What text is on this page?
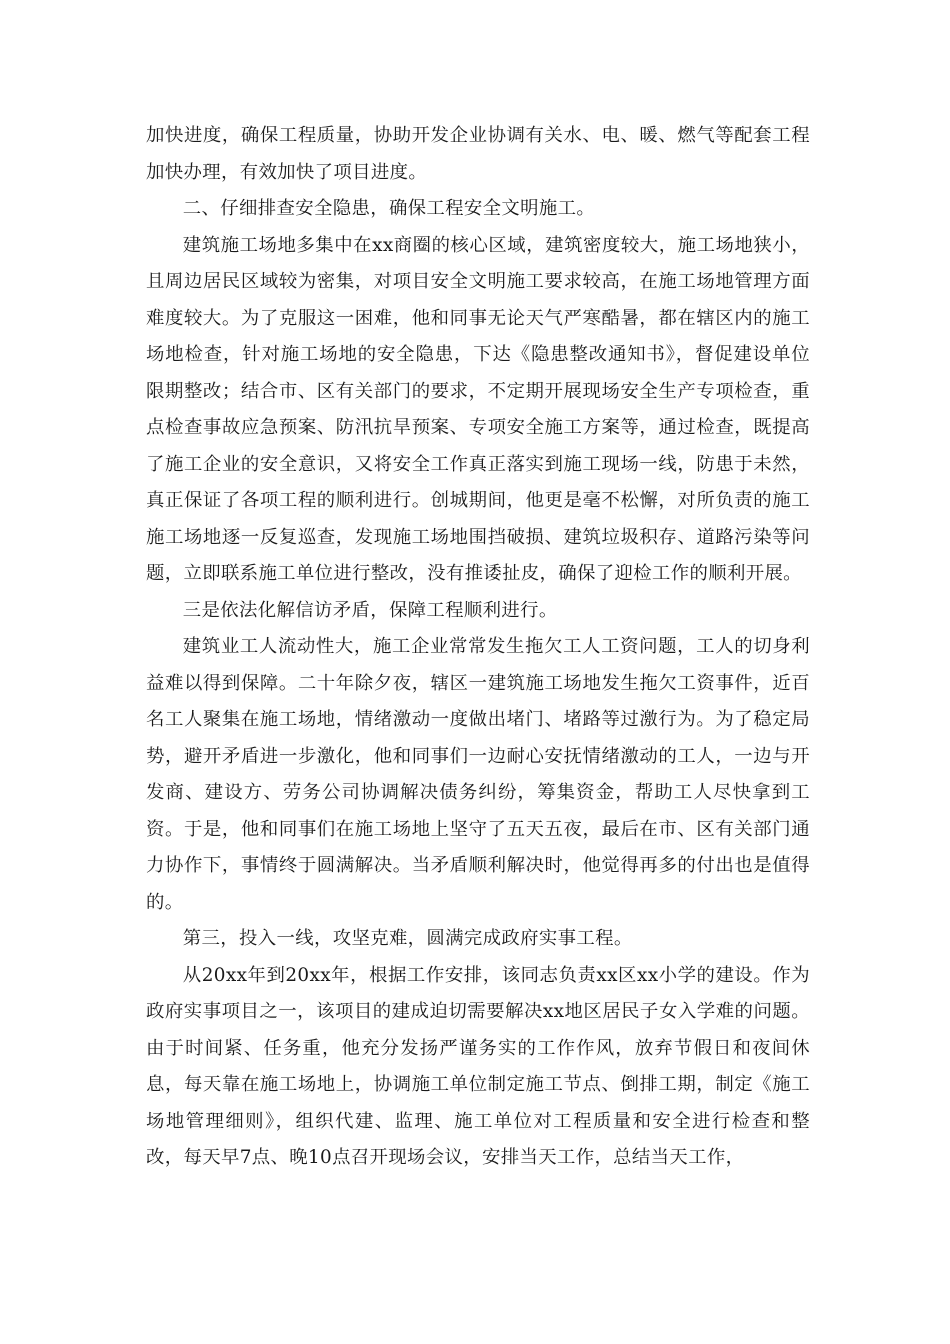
加快进度，确保工程质量，协助开发企业协调有关水、电、暖、燃气等配套工程加快办理，有效加快了项目进度。

二、仔细排查安全隐患，确保工程安全文明施工。

建筑施工场地多集中在xx商圈的核心区域，建筑密度较大，施工场地狭小，且周边居民区域较为密集，对项目安全文明施工要求较高，在施工场地管理方面难度较大。为了克服这一困难，他和同事无论天气严寒酷暑，都在辖区内的施工场地检查，针对施工场地的安全隐患，下达《隐患整改通知书》，督促建设单位限期整改；结合市、区有关部门的要求，不定期开展现场安全生产专项检查，重点检查事故应急预案、防汛抗旱预案、专项安全施工方案等，通过检查，既提高了施工企业的安全意识，又将安全工作真正落实到施工现场一线，防患于未然，真正保证了各项工程的顺利进行。创城期间，他更是毫不松懈，对所负责的施工施工场地逐一反复巡查，发现施工场地围挡破损、建筑垃圾积存、道路污染等问题，立即联系施工单位进行整改，没有推诿扯皮，确保了迎检工作的顺利开展。

三是依法化解信访矛盾，保障工程顺利进行。

建筑业工人流动性大，施工企业常常发生拖欠工人工资问题，工人的切身利益难以得到保障。二十年除夕夜，辖区一建筑施工场地发生拖欠工资事件，近百名工人聚集在施工场地，情绪激动一度做出堵门、堵路等过激行为。为了稳定局势，避开矛盾进一步激化，他和同事们一边耐心安抚情绪激动的工人，一边与开发商、建设方、劳务公司协调解决债务纠纷，筹集资金，帮助工人尽快拿到工资。于是，他和同事们在施工场地上坚守了五天五夜，最后在市、区有关部门通力协作下，事情终于圆满解决。当矛盾顺利解决时，他觉得再多的付出也是值得的。

第三，投入一线，攻坚克难，圆满完成政府实事工程。

从20xx年到20xx年，根据工作安排，该同志负责xx区xx小学的建设。作为政府实事项目之一，该项目的建成迫切需要解决xx地区居民子女入学难的问题。由于时间紧、任务重，他充分发扬严谨务实的工作作风，放弃节假日和夜间休息，每天靠在施工场地上，协调施工单位制定施工节点、倒排工期，制定《施工场地管理细则》，组织代建、监理、施工单位对工程质量和安全进行检查和整改，每天早7点、晚10点召开现场会议，安排当天工作，总结当天工作，
